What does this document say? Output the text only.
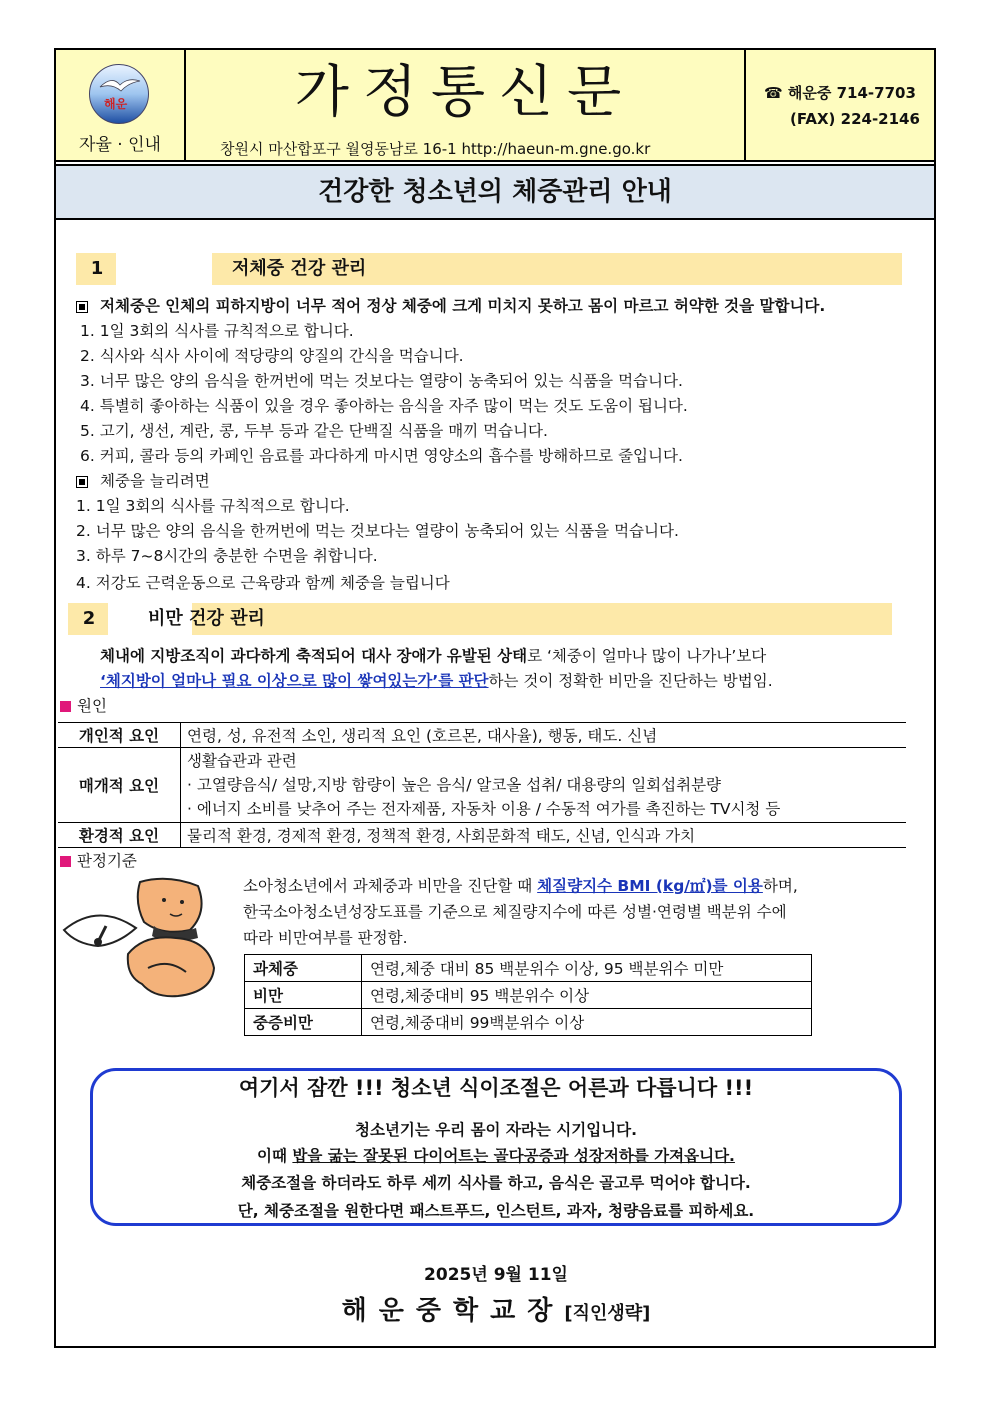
해운
자율 · 인내
가정통신문
창원시 마산합포구 월영동남로 16-1 http://haeun-m.gne.go.kr
☎ 해운중 714-7703
(FAX) 224-2146
건강한 청소년의 체중관리 안내
1	저체중 건강 관리
저체중은 인체의 피하지방이 너무 적어 정상 체중에 크게 미치지 못하고 몸이 마르고 허약한 것을 말합니다.
1. 1일 3회의 식사를 규칙적으로 합니다.
2. 식사와 식사 사이에 적당량의 양질의 간식을 먹습니다.
3. 너무 많은 양의 음식을 한꺼번에 먹는 것보다는 열량이 농축되어 있는 식품을 먹습니다.
4. 특별히 좋아하는 식품이 있을 경우 좋아하는 음식을 자주 많이 먹는 것도 도움이 됩니다.
5. 고기, 생선, 계란, 콩, 두부 등과 같은 단백질 식품을 매끼 먹습니다.
6. 커피, 콜라 등의 카페인 음료를 과다하게 마시면 영양소의 흡수를 방해하므로 줄입니다.
체중을 늘리려면
1. 1일 3회의 식사를 규칙적으로 합니다.
2. 너무 많은 양의 음식을 한꺼번에 먹는 것보다는 열량이 농축되어 있는 식품을 먹습니다.
3. 하루 7~8시간의 충분한 수면을 취합니다.
4. 저강도 근력운동으로 근육량과 함께 체중을 늘립니다
2	비만 건강 관리
체내에 지방조직이 과다하게 축적되어 대사 장애가 유발된 상태로 ‘체중이 얼마나 많이 나가나’보다
‘체지방이 얼마나 필요 이상으로 많이 쌓여있는가’를 판단하는 것이 정확한 비만을 진단하는 방법임.
원인
개인적 요인	연령, 성, 유전적 소인, 생리적 요인 (호르몬, 대사율), 행동, 태도. 신념
매개적 요인	생활습관과 관련
· 고열량음식/ 설망,지방 함량이 높은 음식/ 알코올 섭취/ 대용량의 일회섭취분량
· 에너지 소비를 낮추어 주는 전자제품, 자동차 이용 / 수동적 여가를 촉진하는 TV시청 등

환경적 요인	물리적 환경, 경제적 환경, 정책적 환경, 사회문화적 태도, 신념, 인식과 가치
판정기준
소아청소년에서 과체중과 비만을 진단할 때 체질량지수 BMI (kg/㎡)를 이용하며,
한국소아청소년성장도표를 기준으로 체질량지수에 따른 성별·연령별 백분위 수에
따라 비만여부를 판정함.
과체중	연령,체중 대비 85 백분위수 이상, 95 백분위수 미만
비만	연령,체중대비 95 백분위수 이상
중증비만	연령,체중대비 99백분위수 이상
여기서 잠깐 !!! 청소년 식이조절은 어른과 다릅니다 !!!
청소년기는 우리 몸이 자라는 시기입니다.
이때 밥을 굶는 잘못된 다이어트는 골다공증과 성장저하를 가져옵니다.
체중조절을 하더라도 하루 세끼 식사를 하고, 음식은 골고루 먹어야 합니다.
단, 체중조절을 원한다면 패스트푸드, 인스턴트, 과자, 청량음료를 피하세요.
2025년 9월 11일
해운중학교장[직인생략]
